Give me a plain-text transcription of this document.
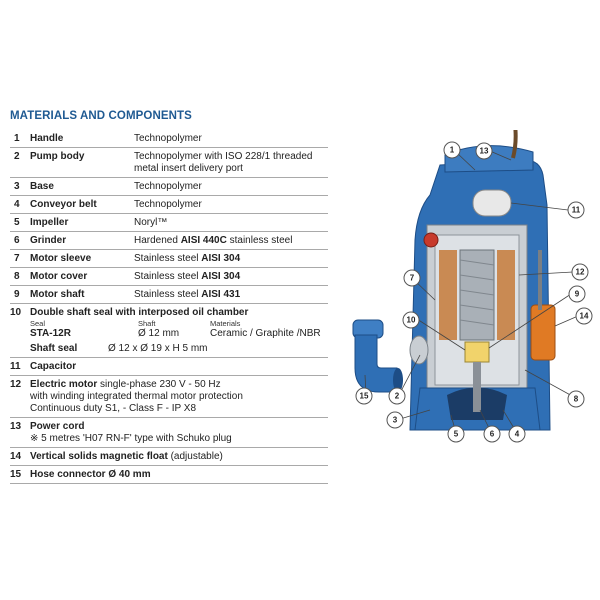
MATERIALS AND COMPONENTS
1 Handle	Technopolymer
2 Pump body	Technopolymer with ISO 228/1 threaded metal insert delivery port
3 Base	Technopolymer
4 Conveyor belt	Technopolymer
5 Impeller	Noryl™
6 Grinder	Hardened AISI 440C stainless steel
7 Motor sleeve	Stainless steel AISI 304
8 Motor cover	Stainless steel AISI 304
9 Motor shaft	Stainless steel AISI 431
10 Double shaft seal with interposed oil chamber
Seal	Shaft	Materials
STA-12R	Ø 12 mm	Ceramic / Graphite /NBR
Shaft seal	Ø 12 x Ø 19 x H 5 mm
11 Capacitor

12 Electric motor single-phase 230 V - 50 Hz
with winding integrated thermal motor protection
Continuous duty S1, - Class F - IP X8
13 Power cord
※ 5 metres 'H07 RN-F' type with Schuko plug
14 Vertical solids magnetic float (adjustable)
15 Hose connector Ø 40 mm
1	13
11
7
12
9
10	14
15	2	8
3
5	6	4
